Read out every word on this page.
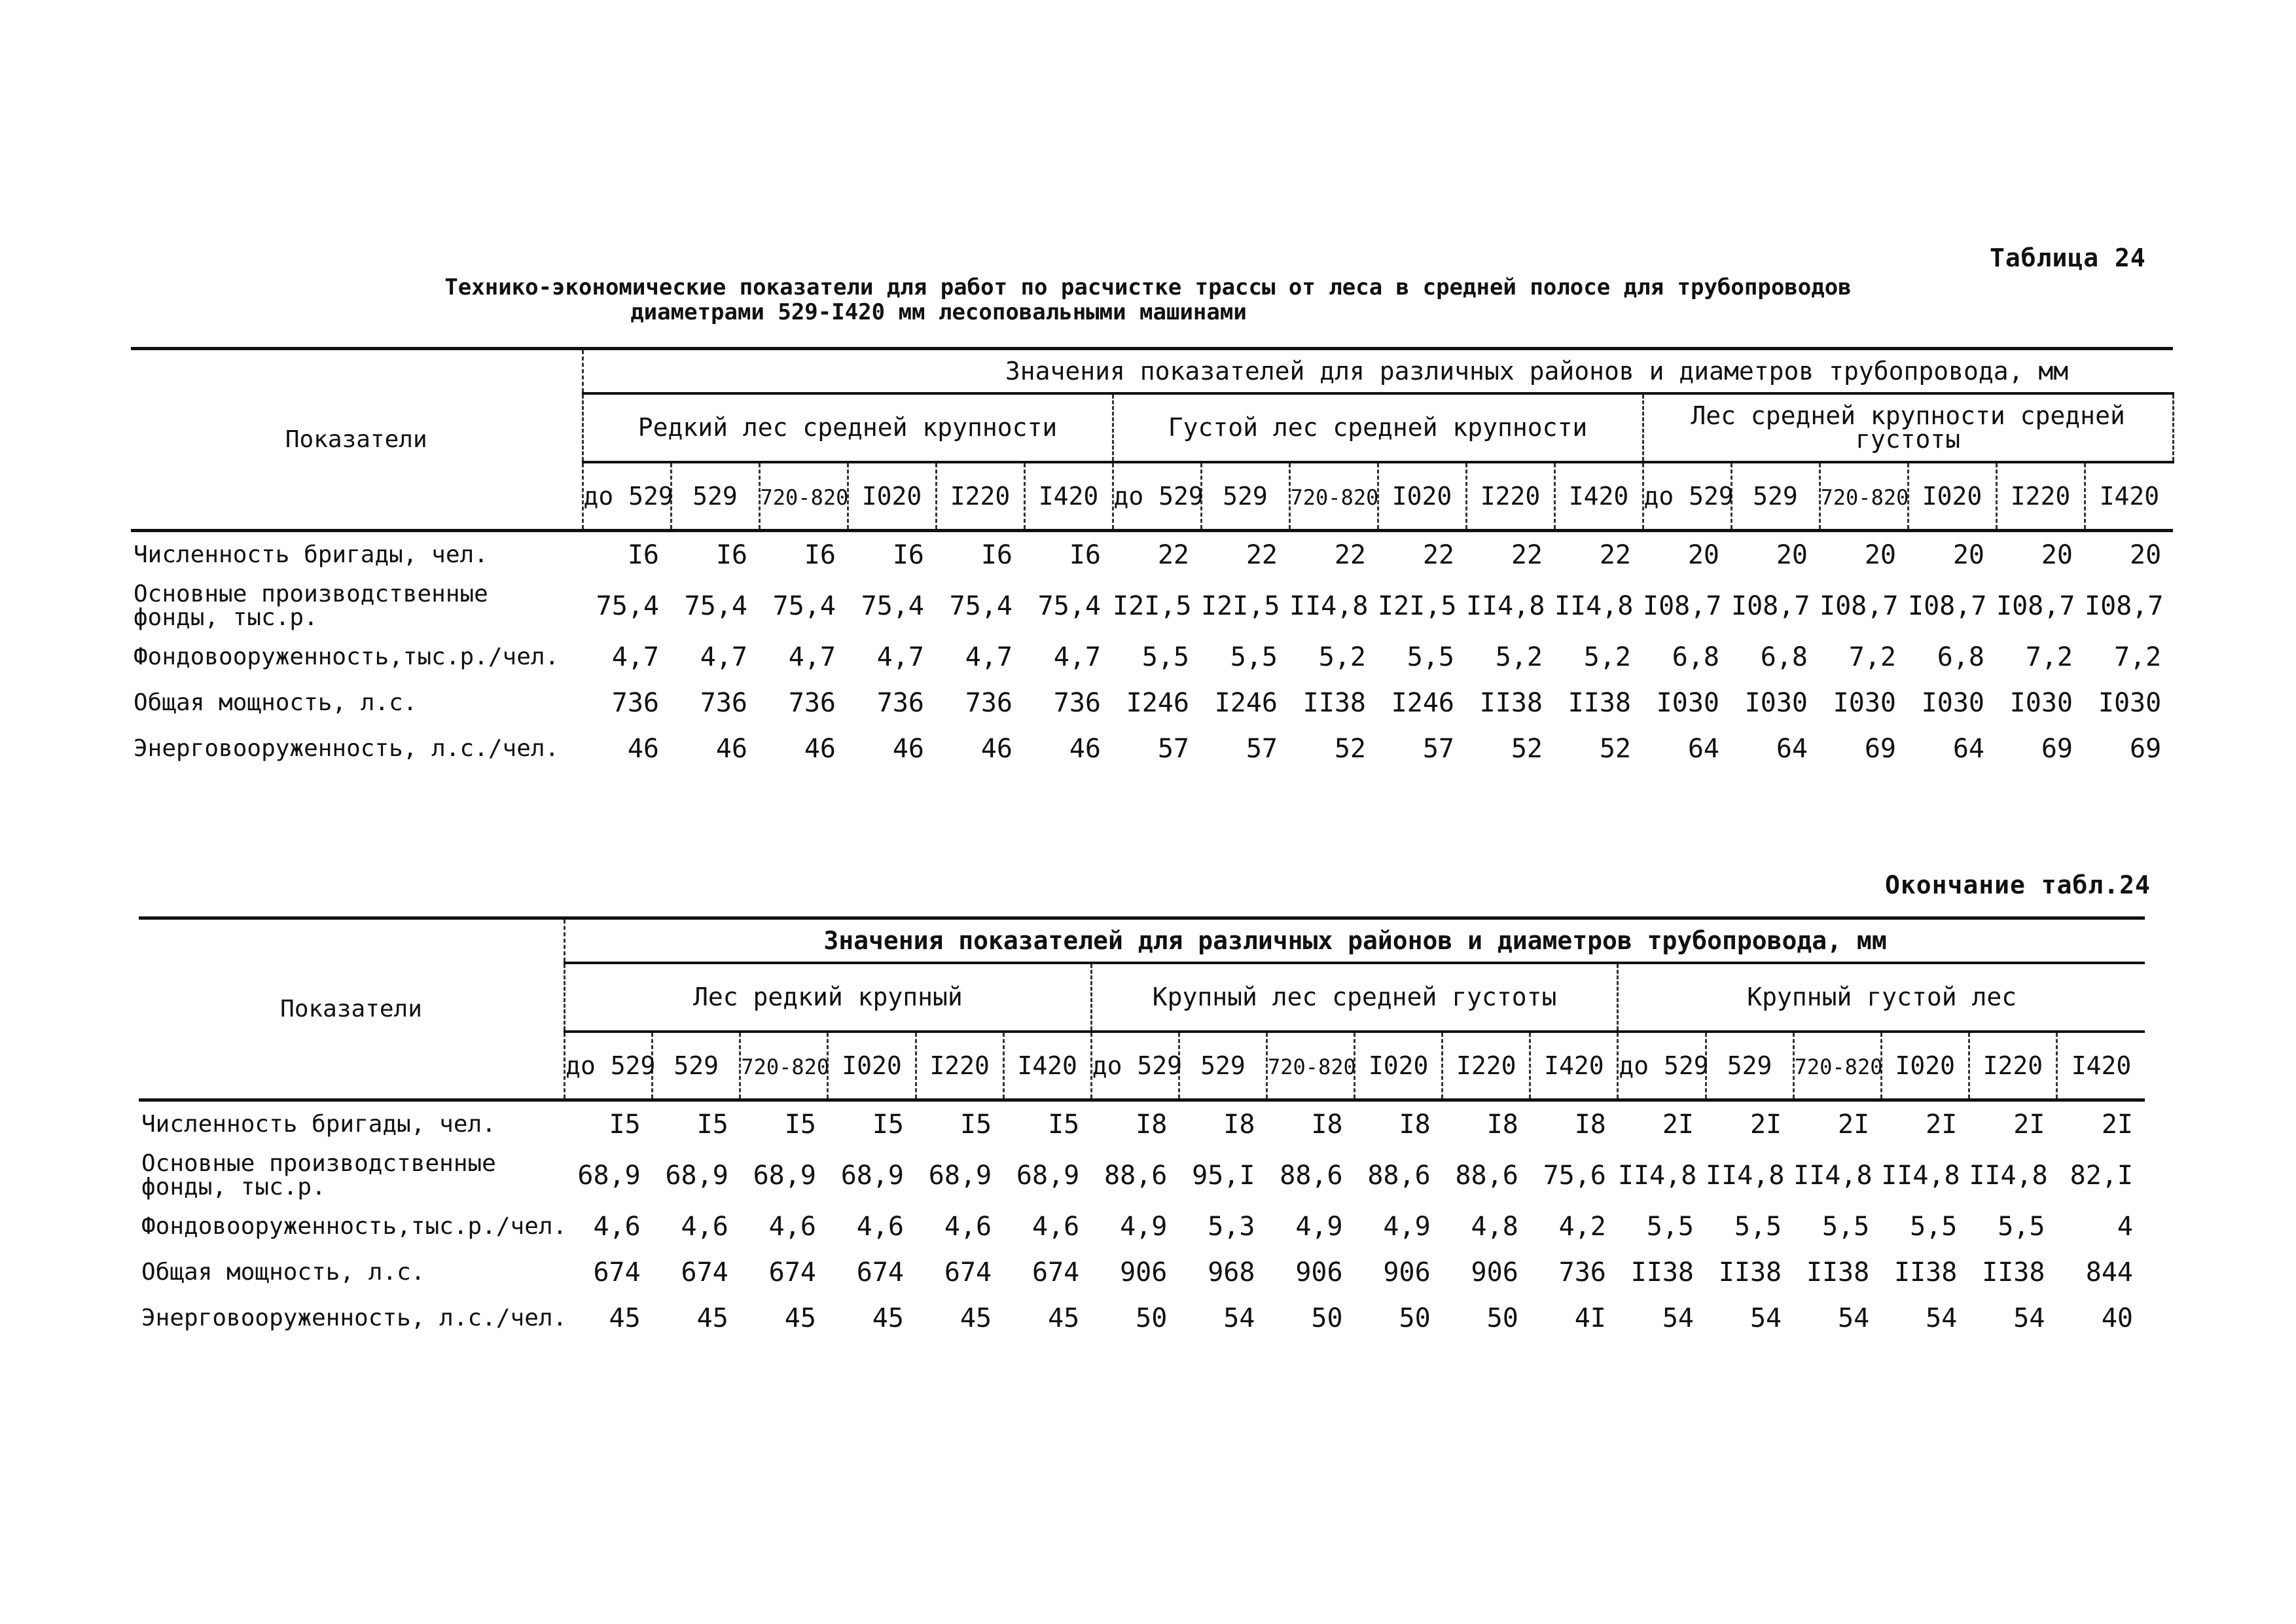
Таблица 24
Технико-экономические показатели для работ по расчистке трассы от леса в средней полосе для трубопроводов
диаметрами 529-I420 мм лесоповальными машинами
Показатели	Значения показателей для различных районов и диаметров трубопровода, мм																	
	Редкий лес средней крупности						Густой лес средней крупности						Лес средней крупности средней густоты					
	до 529	529	720-820	I020	I220	I420	до 529	529	720-820	I020	I220	I420	до 529	529	720-820	I020	I220	I420
Численность бригады, чел.	I6	I6	I6	I6	I6	I6	22	22	22	22	22	22	20	20	20	20	20	20
Основные производственные фонды, тыс.р.	75,4	75,4	75,4	75,4	75,4	75,4	I2I,5	I2I,5	II4,8	I2I,5	II4,8	II4,8	I08,7	I08,7	I08,7	I08,7	I08,7	I08,7
Фондовооруженность,тыс.р./чел.	4,7	4,7	4,7	4,7	4,7	4,7	5,5	5,5	5,2	5,5	5,2	5,2	6,8	6,8	7,2	6,8	7,2	7,2
Общая мощность, л.с.	736	736	736	736	736	736	I246	I246	II38	I246	II38	II38	I030	I030	I030	I030	I030	I030
Энерговооруженность, л.с./чел.	46	46	46	46	46	46	57	57	52	57	52	52	64	64	69	64	69	69
Окончание табл.24
Показатели	Значения показателей для различных районов и диаметров трубопровода, мм																	
	Лес редкий крупный						Крупный лес средней густоты						Крупный густой лес					
	до 529	529	720-820	I020	I220	I420	до 529	529	720-820	I020	I220	I420	до 529	529	720-820	I020	I220	I420
Численность бригады, чел.	I5	I5	I5	I5	I5	I5	I8	I8	I8	I8	I8	I8	2I	2I	2I	2I	2I	2I
Основные производственные фонды, тыс.р.	68,9	68,9	68,9	68,9	68,9	68,9	88,6	95,I	88,6	88,6	88,6	75,6	II4,8	II4,8	II4,8	II4,8	II4,8	82,I
Фондовооруженность,тыс.р./чел.	4,6	4,6	4,6	4,6	4,6	4,6	4,9	5,3	4,9	4,9	4,8	4,2	5,5	5,5	5,5	5,5	5,5	4
Общая мощность, л.с.	674	674	674	674	674	674	906	968	906	906	906	736	II38	II38	II38	II38	II38	844
Энерговооруженность, л.с./чел.	45	45	45	45	45	45	50	54	50	50	50	4I	54	54	54	54	54	40
